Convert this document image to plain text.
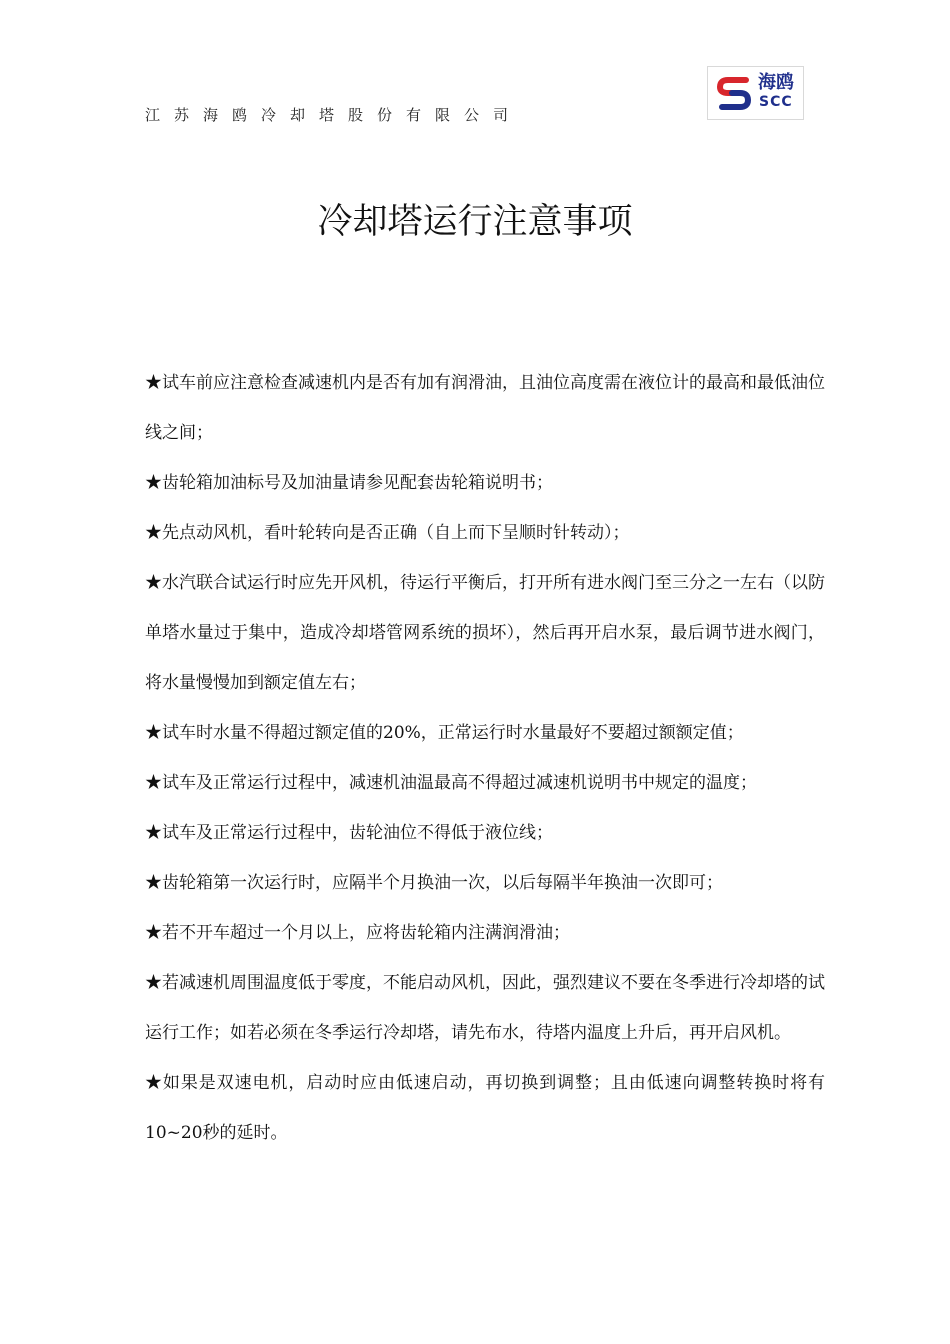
江苏海鸥冷却塔股份有限公司
海鸥
SCC
冷却塔运行注意事项

★试车前应注意检查减速机内是否有加有润滑油，且油位高度需在液位计的最高和最低油位线之间；

★齿轮箱加油标号及加油量请参见配套齿轮箱说明书；

★先点动风机，看叶轮转向是否正确（自上而下呈顺时针转动）；

★水汽联合试运行时应先开风机，待运行平衡后，打开所有进水阀门至三分之一左右（以防单塔水量过于集中，造成冷却塔管网系统的损坏），然后再开启水泵，最后调节进水阀门，将水量慢慢加到额定值左右；

★试车时水量不得超过额定值的20%，正常运行时水量最好不要超过额额定值；

★试车及正常运行过程中，减速机油温最高不得超过减速机说明书中规定的温度；

★试车及正常运行过程中，齿轮油位不得低于液位线；

★齿轮箱第一次运行时，应隔半个月换油一次，以后每隔半年换油一次即可；

★若不开车超过一个月以上，应将齿轮箱内注满润滑油；

★若减速机周围温度低于零度，不能启动风机，因此，强烈建议不要在冬季进行冷却塔的试运行工作；如若必须在冬季运行冷却塔，请先布水，待塔内温度上升后，再开启风机。

★如果是双速电机，启动时应由低速启动，再切换到调整；且由低速向调整转换时将有10~20秒的延时。
